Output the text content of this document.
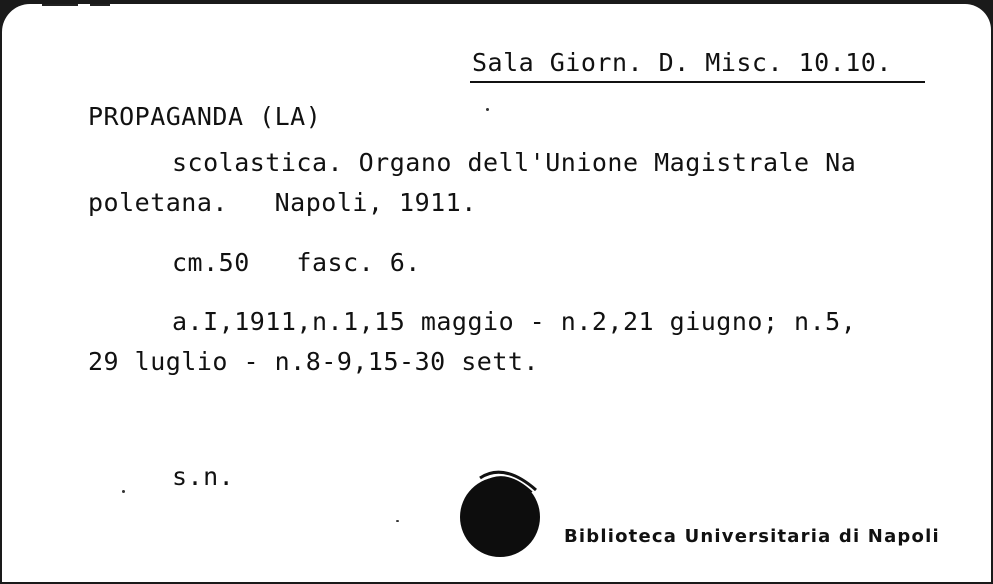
Sala Giorn. D. Misc. 10.10.
PROPAGANDA (LA)
scolastica. Organo dell'Unione Magistrale Na
poletana.   Napoli, 1911.
cm.50   fasc. 6.
a.I,1911,n.1,15 maggio - n.2,21 giugno; n.5,
29 luglio - n.8-9,15-30 sett.
s.n.
Biblioteca Universitaria di Napoli
